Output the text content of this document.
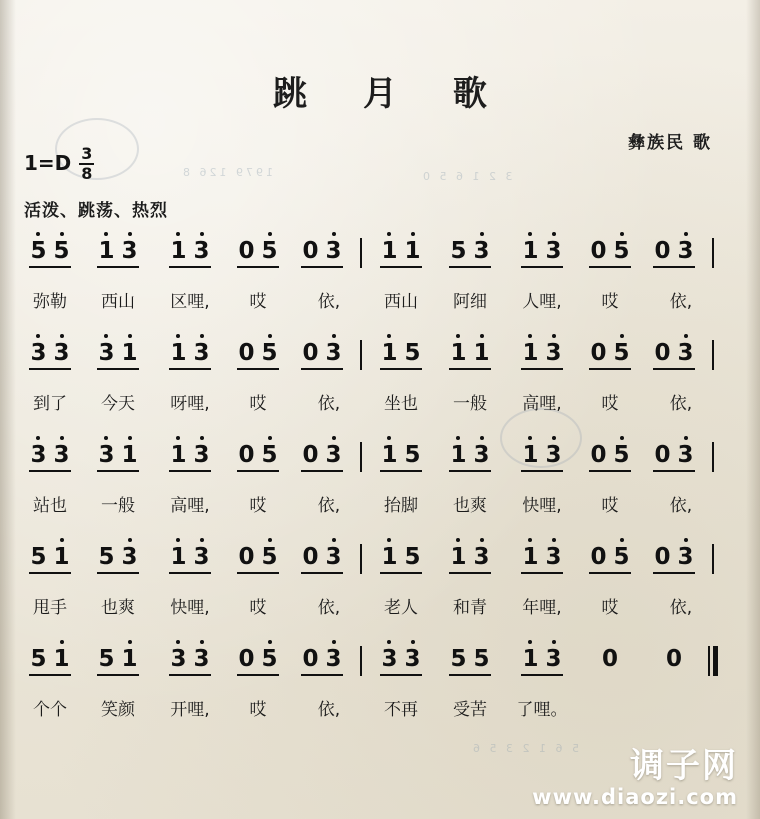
1979 126 8	3 2 1 6 5 0
5 6 1 2 3 5 6
跳 月 歌
彝族民 歌
$1=D \frac{3}{8}$
活泼、跳荡、热烈
5 5 1 3 1 3 0 5 0 3 1 1 5 3 1 3 0 5 0 3
弥勒	西山	区哩,	哎	依,	西山	阿细	人哩,	哎	依,
3 3 3 1 1 3 0 5 0 3 1 5 1 1 1 3 0 5 0 3
到了	今天	呀哩,	哎	依,	坐也	一般	高哩,	哎	依,
3 3 3 1 1 3 0 5 0 3 1 5 1 3 1 3 0 5 0 3
站也	一般	高哩,	哎	依,	抬脚	也爽	快哩,	哎	依,
5 1 5 3 1 3 0 5 0 3 1 5 1 3 1 3 0 5 0 3
甩手	也爽	快哩,	哎	依,	老人	和青	年哩,	哎	依,
5 1 5 1 3 3 0 5 0 3 3 3 5 5 1 3 0 0
个个	笑颜	开哩,	哎	依,	不再	受苦	了哩。
调子网
www.diaozi.com
